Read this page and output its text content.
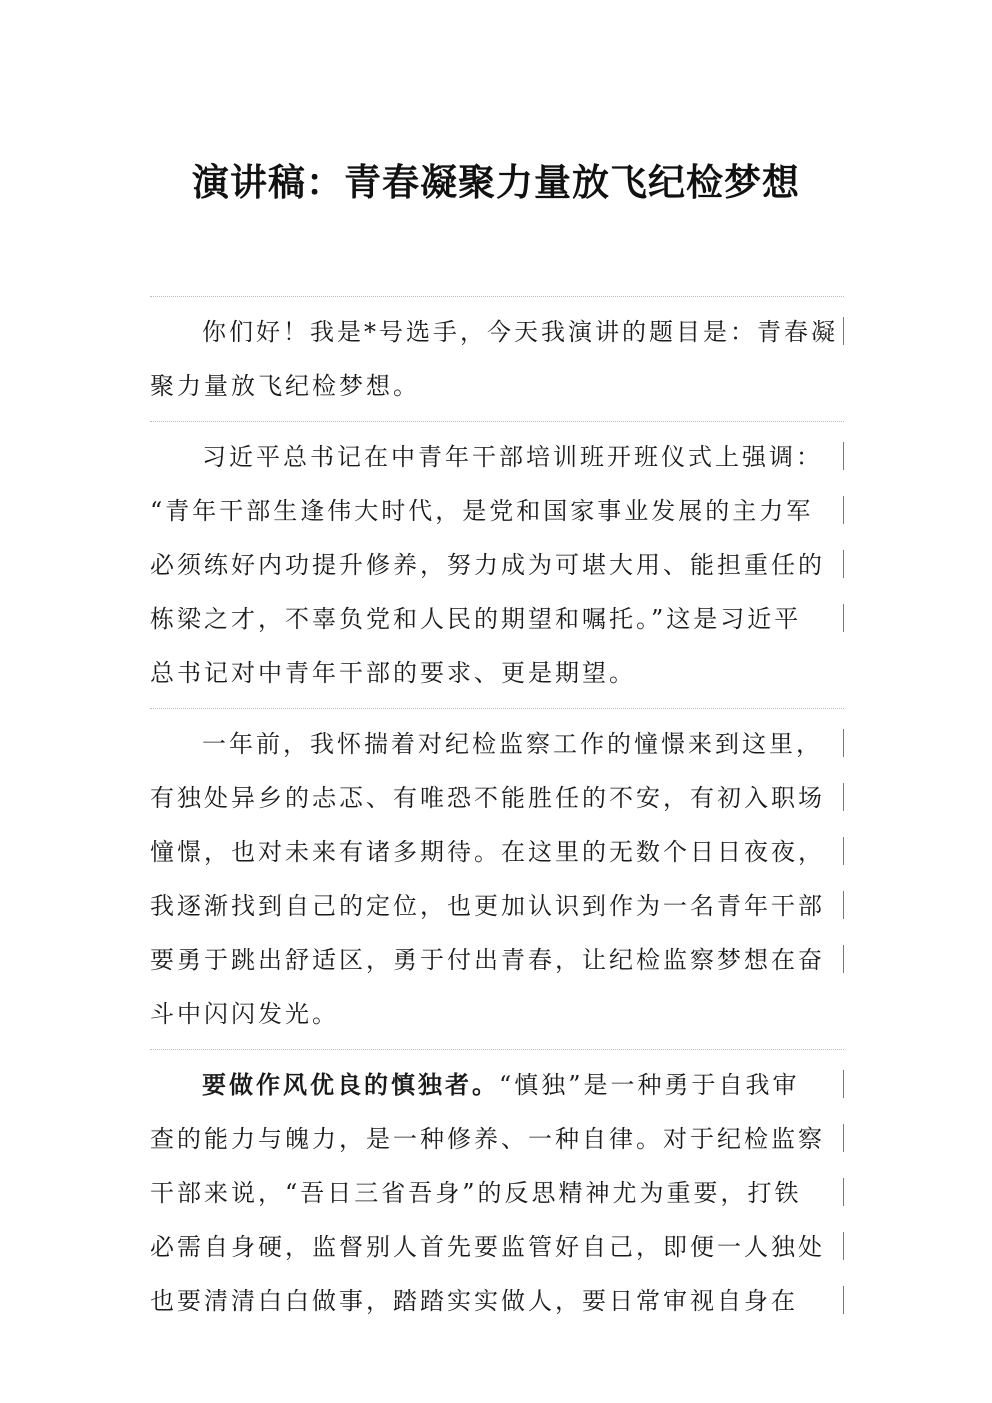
演讲稿：青春凝聚力量放飞纪检梦想
你们好！我是*号选手，今天我演讲的题目是：青春凝
聚力量放飞纪检梦想。
习近平总书记在中青年干部培训班开班仪式上强调：
“青年干部生逢伟大时代，是党和国家事业发展的主力军
必须练好内功提升修养，努力成为可堪大用、能担重任的
栋梁之才，不辜负党和人民的期望和嘱托。”这是习近平
总书记对中青年干部的要求、更是期望。
一年前，我怀揣着对纪检监察工作的憧憬来到这里，
有独处异乡的忐忑、有唯恐不能胜任的不安，有初入职场
憧憬，也对未来有诸多期待。在这里的无数个日日夜夜，
我逐渐找到自己的定位，也更加认识到作为一名青年干部
要勇于跳出舒适区，勇于付出青春，让纪检监察梦想在奋
斗中闪闪发光。
要做作风优良的慎独者。“慎独”是一种勇于自我审
查的能力与魄力，是一种修养、一种自律。对于纪检监察
干部来说，“吾日三省吾身”的反思精神尤为重要，打铁
必需自身硬，监督别人首先要监管好自己，即便一人独处
也要清清白白做事，踏踏实实做人，要日常审视自身在
